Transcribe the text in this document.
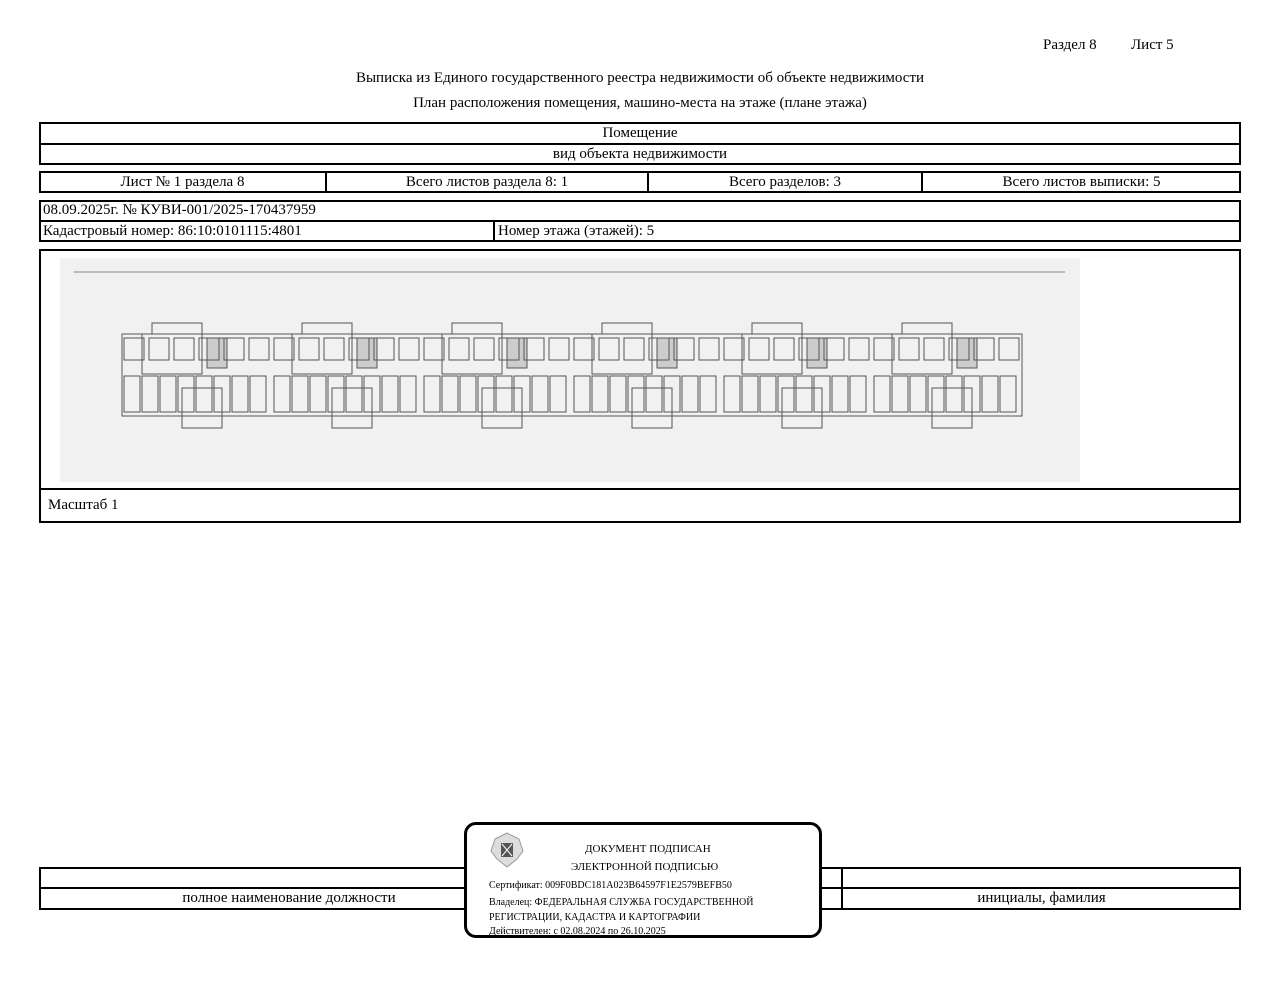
Раздел 8 Лист 5
Выписка из Единого государственного реестра недвижимости об объекте недвижимости
План расположения помещения, машино-места на этаже (плане этажа)
Помещение
вид объекта недвижимости
Лист № 1 раздела 8	Всего листов раздела 8: 1	Всего разделов: 3	Всего листов выписки: 5
08.09.2025г. № КУВИ-001/2025-170437959
Кадастровый номер: 86:10:0101115:4801	Номер этажа (этажей): 5
Масштаб 1
полное наименование должности	инициалы, фамилия
ДОКУМЕНТ ПОДПИСАН
ЭЛЕКТРОННОЙ ПОДПИСЬЮ
Сертификат: 009F0BDC181A023B64597F1E2579BEFB50
Владелец: ФЕДЕРАЛЬНАЯ СЛУЖБА ГОСУДАРСТВЕННОЙ
РЕГИСТРАЦИИ, КАДАСТРА И КАРТОГРАФИИ
Действителен: с 02.08.2024 по 26.10.2025
